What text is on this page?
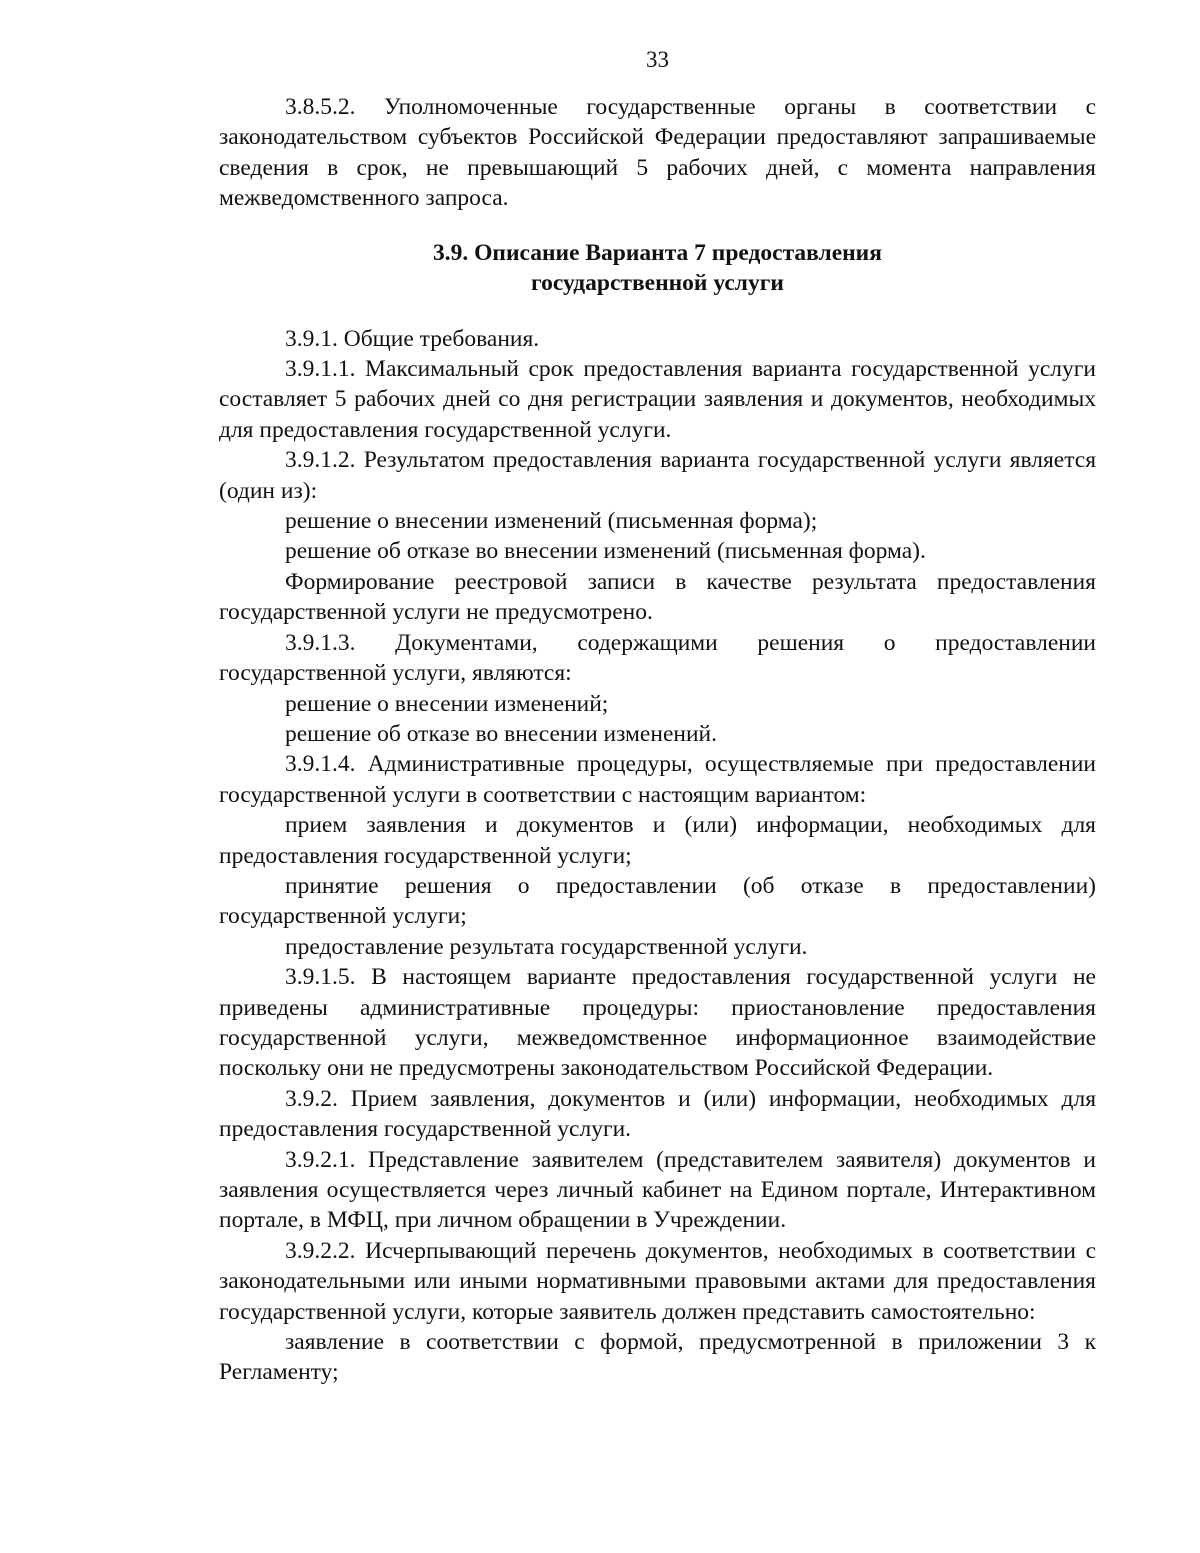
33

3.8.5.2. Уполномоченные государственные органы в соответствии с законодательством субъектов Российской Федерации предоставляют запрашиваемые сведения в срок, не превышающий 5 рабочих дней, с момента направления межведомственного запроса.

3.9. Описание Варианта 7 предоставления
государственной услуги

3.9.1. Общие требования.

3.9.1.1. Максимальный срок предоставления варианта государственной услуги составляет 5 рабочих дней со дня регистрации заявления и документов, необходимых для предоставления государственной услуги.

3.9.1.2. Результатом предоставления варианта государственной услуги является (один из):

решение о внесении изменений (письменная форма);

решение об отказе во внесении изменений (письменная форма).

Формирование реестровой записи в качестве результата предоставления государственной услуги не предусмотрено.

3.9.1.3. Документами, содержащими решения о предоставлении государственной услуги, являются:

решение о внесении изменений;

решение об отказе во внесении изменений.

3.9.1.4. Административные процедуры, осуществляемые при предоставлении государственной услуги в соответствии с настоящим вариантом:

прием заявления и документов и (или) информации, необходимых для предоставления государственной услуги;

принятие решения о предоставлении (об отказе в предоставлении) государственной услуги;

предоставление результата государственной услуги.

3.9.1.5. В настоящем варианте предоставления государственной услуги не приведены административные процедуры: приостановление предоставления государственной услуги, межведомственное информационное взаимодействие поскольку они не предусмотрены законодательством Российской Федерации.

3.9.2. Прием заявления, документов и (или) информации, необходимых для предоставления государственной услуги.

3.9.2.1. Представление заявителем (представителем заявителя) документов и заявления осуществляется через личный кабинет на Едином портале, Интерактивном портале, в МФЦ, при личном обращении в Учреждении.

3.9.2.2. Исчерпывающий перечень документов, необходимых в соответствии с законодательными или иными нормативными правовыми актами для предоставления государственной услуги, которые заявитель должен представить самостоятельно:

заявление в соответствии с формой, предусмотренной в приложении 3 к Регламенту;
